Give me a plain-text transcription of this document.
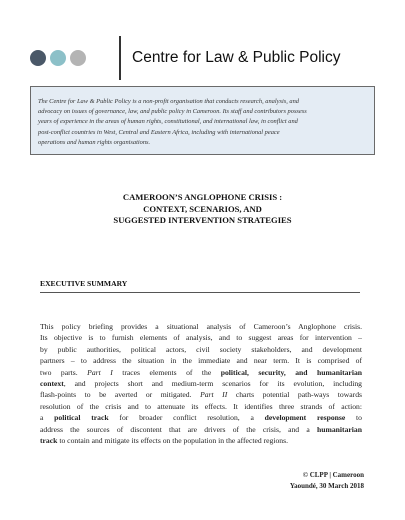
Centre for Law & Public Policy
The Centre for Law & Public Policy is a non-profit organisation that conducts research, analysis, and
advocacy on issues of governance, law, and public policy in Cameroon. Its staff and contributors possess
years of experience in the areas of human rights, constitutional, and international law, in conflict and
post-conflict countries in West, Central and Eastern Africa, including with international peace
operations and human rights organisations.
CAMEROON’S ANGLOPHONE CRISIS :
CONTEXT, SCENARIOS, AND
SUGGESTED INTERVENTION STRATEGIES
EXECUTIVE SUMMARY
This policy briefing provides a situational analysis of Cameroon’s Anglophone crisis.
Its objective is to furnish elements of analysis, and to suggest areas for intervention –
by public authorities, political actors, civil society stakeholders, and development
partners – to address the situation in the immediate and near term. It is comprised of
two parts. Part I traces elements of the political, security, and humanitarian
context, and projects short and medium-term scenarios for its evolution, including
flash-points to be averted or mitigated. Part II charts potential path-ways towards
resolution of the crisis and to attenuate its effects. It identifies three strands of action:
a political track for broader conflict resolution, a development response to
address the sources of discontent that are drivers of the crisis, and a humanitarian
track to contain and mitigate its effects on the population in the affected regions.
© CLPP | Cameroon
Yaoundé, 30 March 2018
